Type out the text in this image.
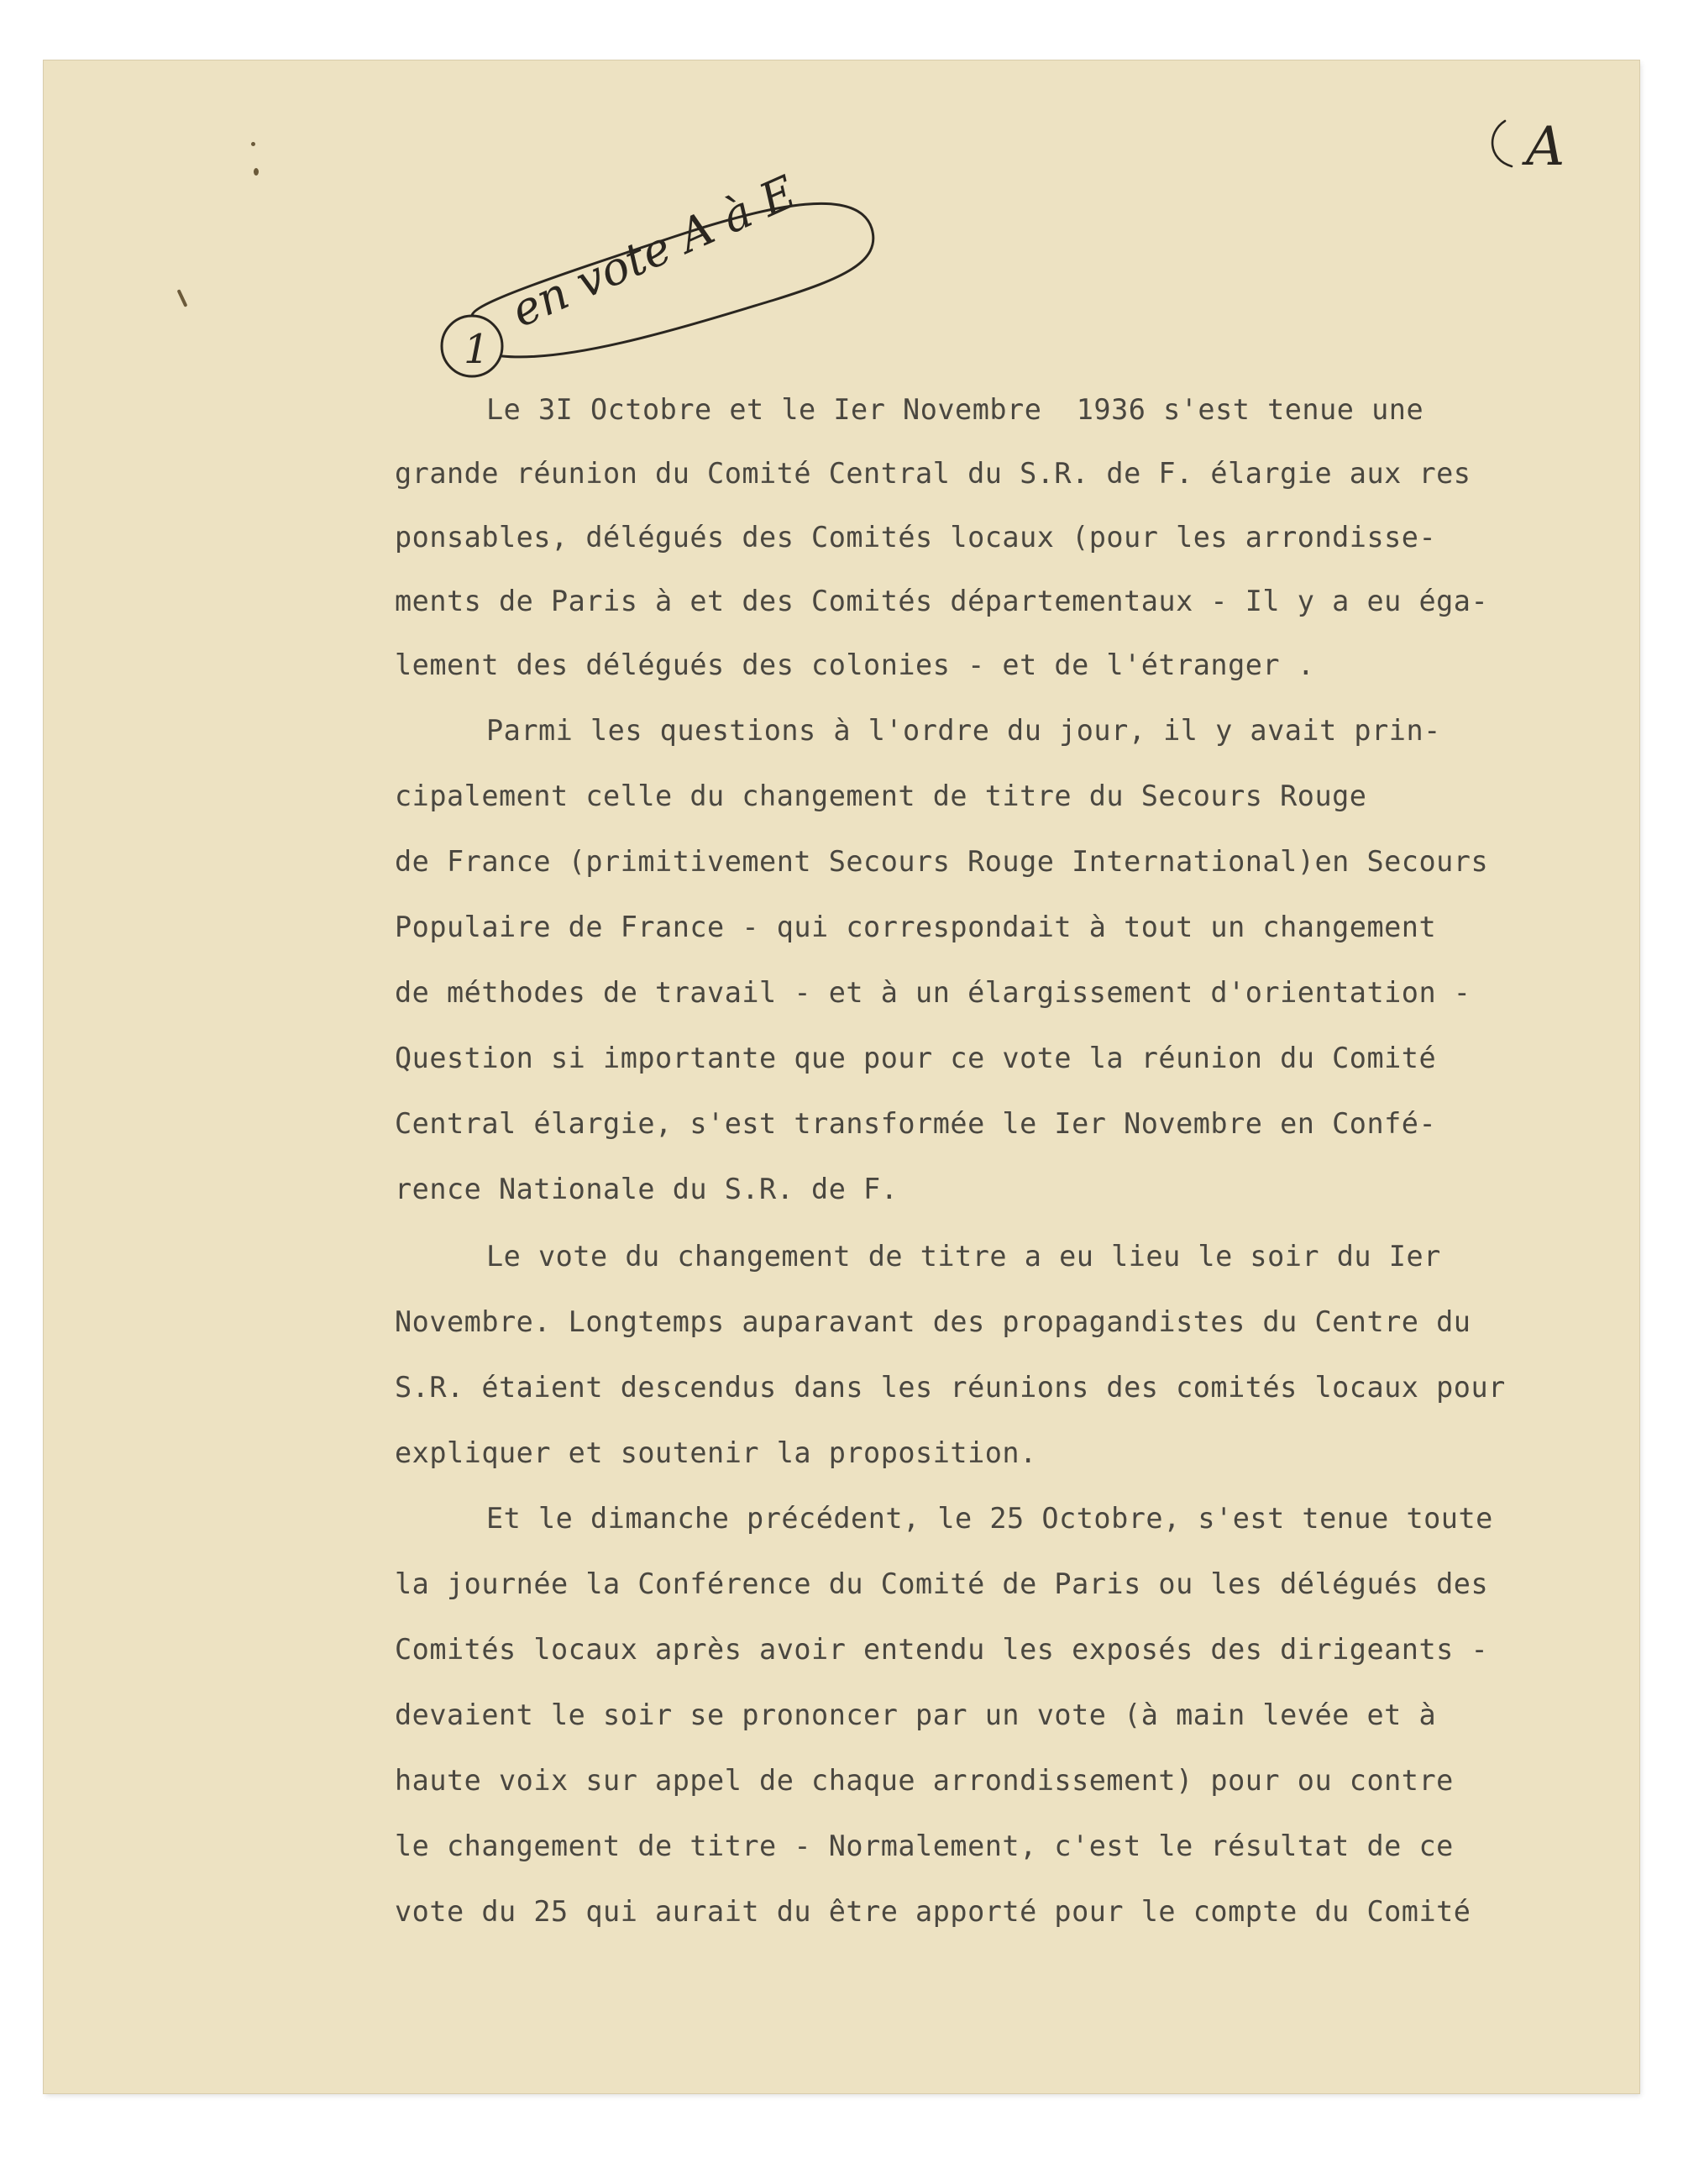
A
1
en vote A à E
Le 3I Octobre et le Ier Novembre  1936 s'est tenue une
grande réunion du Comité Central du S.R. de F. élargie aux res
ponsables, délégués des Comités locaux (pour les arrondisse-
ments de Paris à et des Comités départementaux - Il y a eu éga-
lement des délégués des colonies - et de l'étranger .
Parmi les questions à l'ordre du jour, il y avait prin-
cipalement celle du changement de titre du Secours Rouge
de France (primitivement Secours Rouge International)en Secours
Populaire de France - qui correspondait à tout un changement
de méthodes de travail - et à un élargissement d'orientation -
Question si importante que pour ce vote la réunion du Comité
Central élargie, s'est transformée le Ier Novembre en Confé-
rence Nationale du S.R. de F.
Le vote du changement de titre a eu lieu le soir du Ier
Novembre. Longtemps auparavant des propagandistes du Centre du
S.R. étaient descendus dans les réunions des comités locaux pour
expliquer et soutenir la proposition.
Et le dimanche précédent, le 25 Octobre, s'est tenue toute
la journée la Conférence du Comité de Paris ou les délégués des
Comités locaux après avoir entendu les exposés des dirigeants -
devaient le soir se prononcer par un vote (à main levée et à
haute voix sur appel de chaque arrondissement) pour ou contre
le changement de titre - Normalement, c'est le résultat de ce
vote du 25 qui aurait du être apporté pour le compte du Comité
